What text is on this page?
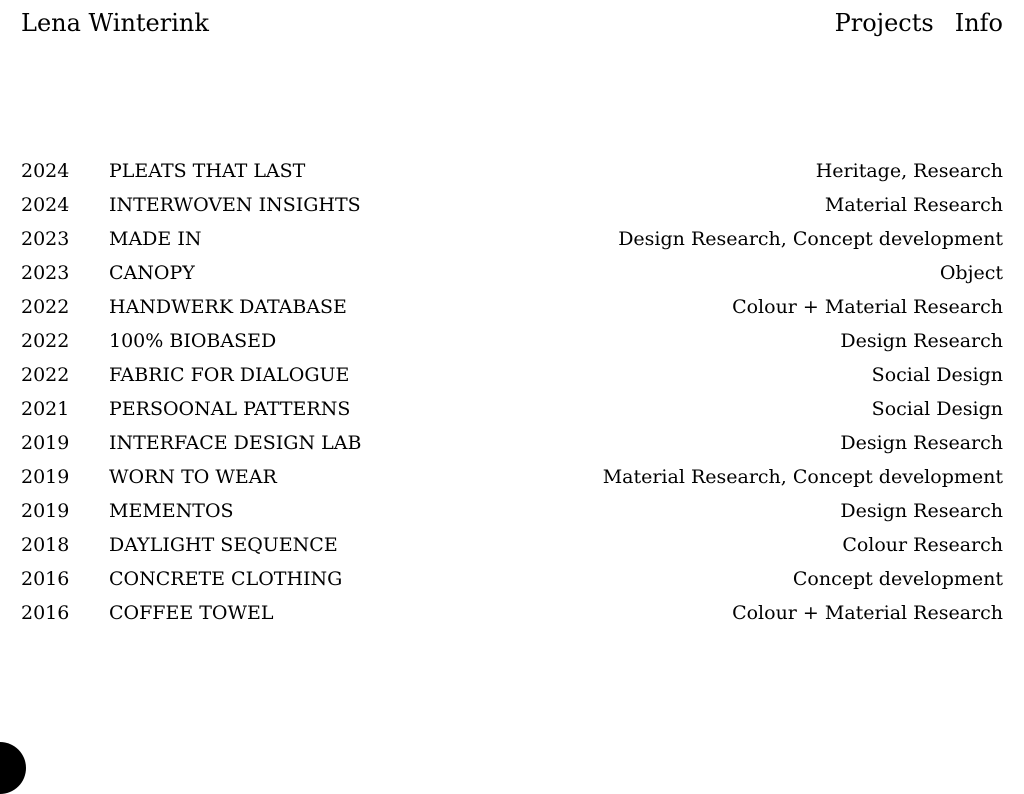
Lena Winterink	Projects Info
2024	PLEATS THAT LAST	Heritage, Research
2024	INTERWOVEN INSIGHTS	Material Research
2023	MADE IN	Design Research, Concept development
2023	CANOPY	Object
2022	HANDWERK DATABASE	Colour + Material Research
2022	100% BIOBASED	Design Research
2022	FABRIC FOR DIALOGUE	Social Design
2021	PERSOONAL PATTERNS	Social Design
2019	INTERFACE DESIGN LAB	Design Research
2019	WORN TO WEAR	Material Research, Concept development
2019	MEMENTOS	Design Research
2018	DAYLIGHT SEQUENCE	Colour Research
2016	CONCRETE CLOTHING	Concept development
2016	COFFEE TOWEL	Colour + Material Research
